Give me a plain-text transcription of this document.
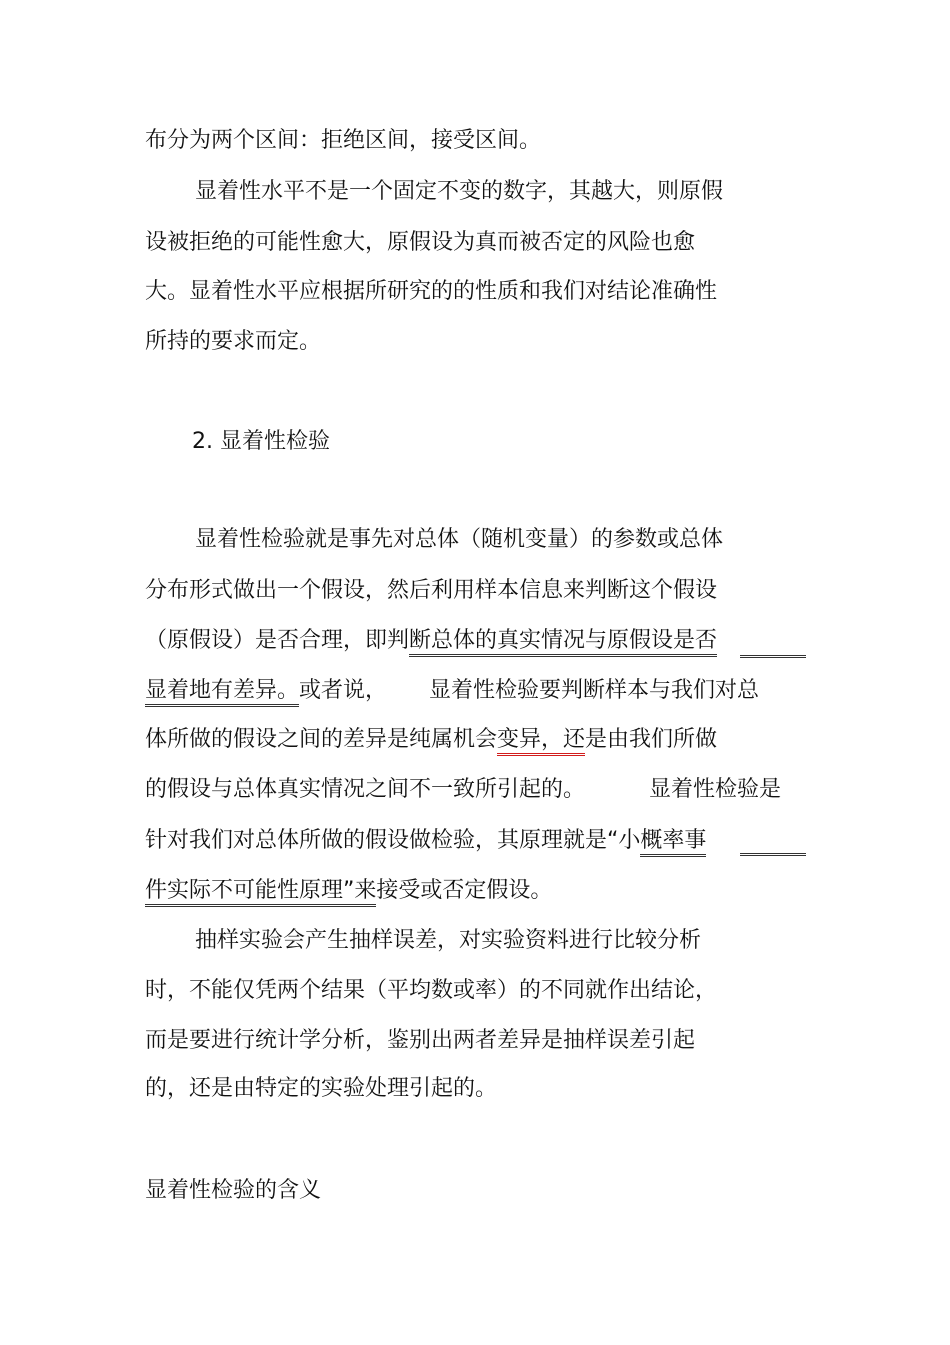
布分为两个区间：拒绝区间，接受区间。

显着性水平不是一个固定不变的数字，其越大，则原假

设被拒绝的可能性愈大，原假设为真而被否定的风险也愈

大。显着性水平应根据所研究的的性质和我们对结论准确性

所持的要求而定。

2. 显着性检验

显着性检验就是事先对总体（随机变量）的参数或总体

分布形式做出一个假设，然后利用样本信息来判断这个假设

（原假设）是否合理，即判断总体的真实情况与原假设是否

显着地有差异。或者说， 显着性检验要判断样本与我们对总

体所做的假设之间的差异是纯属机会变异，还是由我们所做

的假设与总体真实情况之间不一致所引起的。	显着性检验是

针对我们对总体所做的假设做检验，其原理就是“小概率事

件实际不可能性原理”来接受或否定假设。

抽样实验会产生抽样误差，对实验资料进行比较分析

时，不能仅凭两个结果（平均数或率）的不同就作出结论，

而是要进行统计学分析，鉴别出两者差异是抽样误差引起

的，还是由特定的实验处理引起的。

显着性检验的含义
